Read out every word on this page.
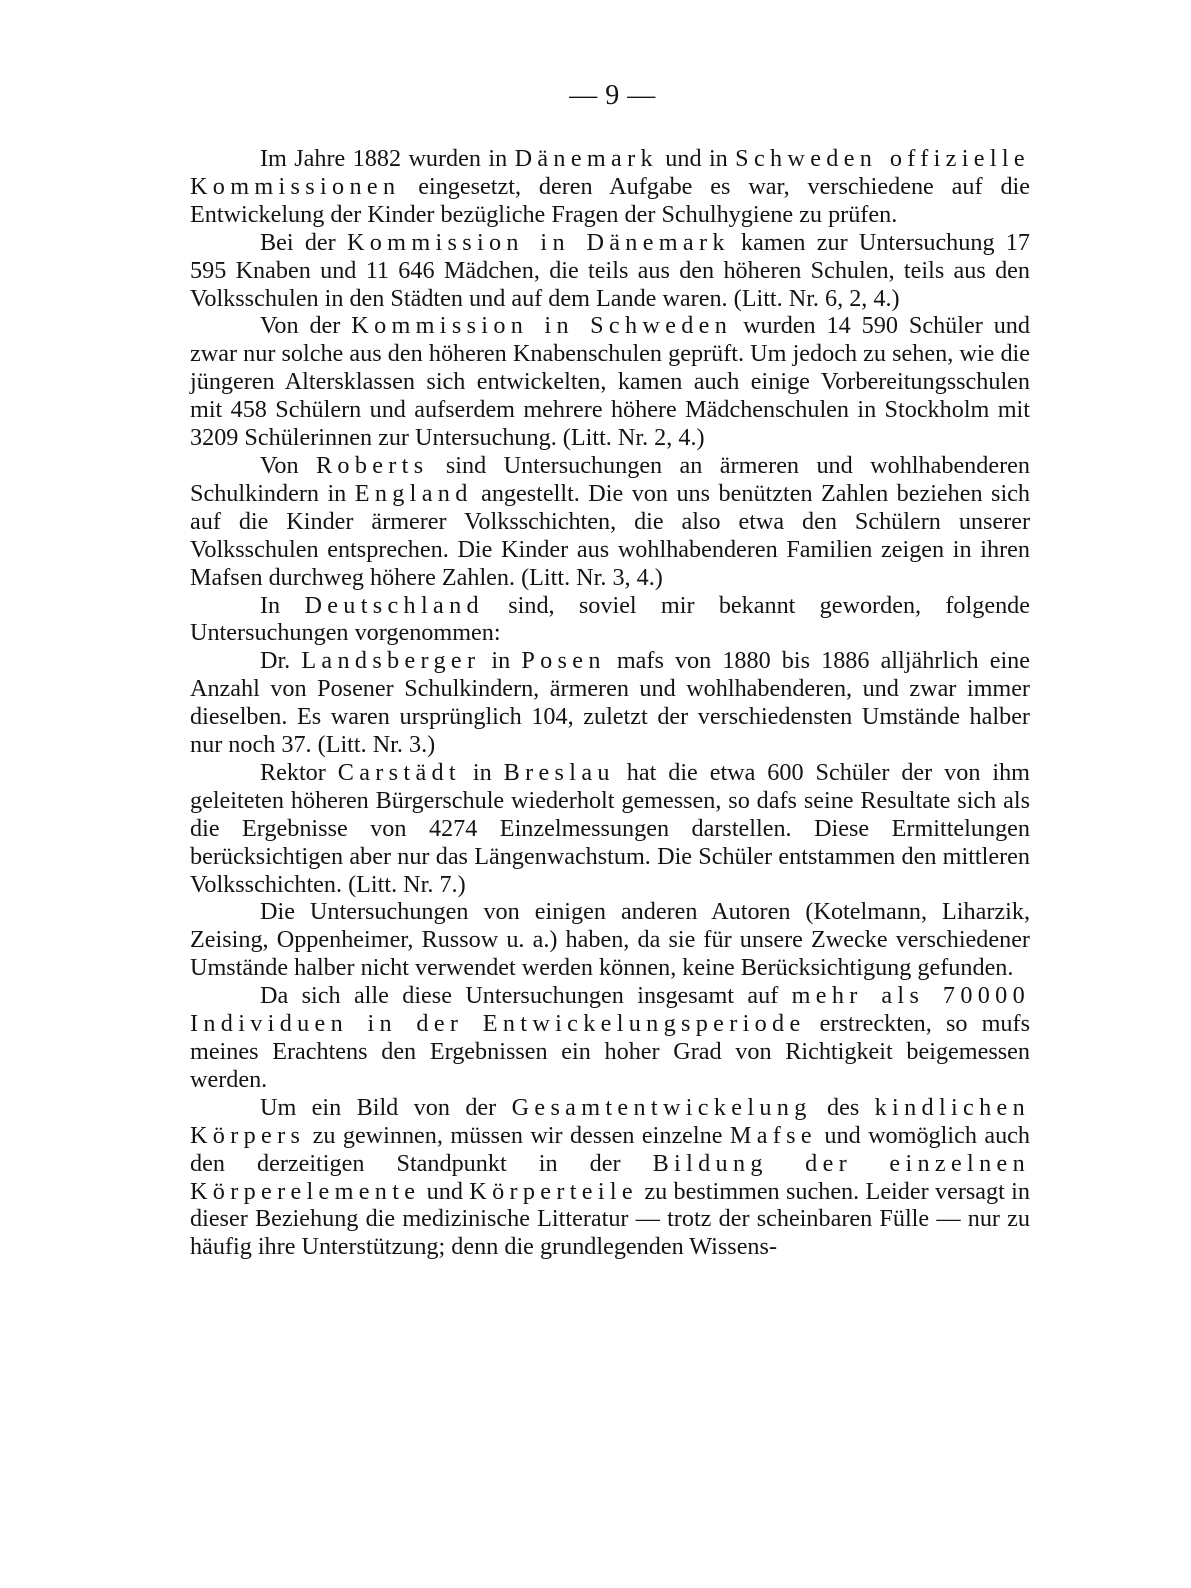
— 9 —

Im Jahre 1882 wurden in Dänemark und in Schweden offizielle Kommissionen eingesetzt, deren Aufgabe es war, verschiedene auf die Entwickelung der Kinder bezügliche Fragen der Schulhygiene zu prüfen.

Bei der Kommission in Dänemark kamen zur Untersuchung 17 595 Knaben und 11 646 Mädchen, die teils aus den höheren Schulen, teils aus den Volksschulen in den Städten und auf dem Lande waren. (Litt. Nr. 6, 2, 4.)

Von der Kommission in Schweden wurden 14 590 Schüler und zwar nur solche aus den höheren Knabenschulen geprüft. Um jedoch zu sehen, wie die jüngeren Altersklassen sich entwickelten, kamen auch einige Vorbereitungsschulen mit 458 Schülern und aufserdem mehrere höhere Mädchenschulen in Stockholm mit 3209 Schülerinnen zur Untersuchung. (Litt. Nr. 2, 4.)

Von Roberts sind Untersuchungen an ärmeren und wohlhabenderen Schulkindern in England angestellt. Die von uns benützten Zahlen beziehen sich auf die Kinder ärmerer Volksschichten, die also etwa den Schülern unserer Volksschulen entsprechen. Die Kinder aus wohlhabenderen Familien zeigen in ihren Mafsen durchweg höhere Zahlen. (Litt. Nr. 3, 4.)

In Deutschland sind, soviel mir bekannt geworden, folgende Untersuchungen vorgenommen:

Dr. Landsberger in Posen mafs von 1880 bis 1886 alljährlich eine Anzahl von Posener Schulkindern, ärmeren und wohlhabenderen, und zwar immer dieselben. Es waren ursprünglich 104, zuletzt der verschiedensten Umstände halber nur noch 37. (Litt. Nr. 3.)

Rektor Carstädt in Breslau hat die etwa 600 Schüler der von ihm geleiteten höheren Bürgerschule wiederholt gemessen, so dafs seine Resultate sich als die Ergebnisse von 4274 Einzelmessungen darstellen. Diese Ermittelungen berücksichtigen aber nur das Längenwachstum. Die Schüler entstammen den mittleren Volksschichten. (Litt. Nr. 7.)

Die Untersuchungen von einigen anderen Autoren (Kotelmann, Liharzik, Zeising, Oppenheimer, Russow u. a.) haben, da sie für unsere Zwecke verschiedener Umstände halber nicht verwendet werden können, keine Berücksichtigung gefunden.

Da sich alle diese Untersuchungen insgesamt auf mehr als 70000 Individuen in der Entwickelungsperiode erstreckten, so mufs meines Erachtens den Ergebnissen ein hoher Grad von Richtigkeit beigemessen werden.

Um ein Bild von der Gesamtentwickelung des kindlichen Körpers zu gewinnen, müssen wir dessen einzelne Mafse und womöglich auch den derzeitigen Standpunkt in der Bildung der einzelnen Körperelemente und Körperteile zu bestimmen suchen. Leider versagt in dieser Beziehung die medizinische Litteratur — trotz der scheinbaren Fülle — nur zu häufig ihre Unterstützung; denn die grundlegenden Wissens-
